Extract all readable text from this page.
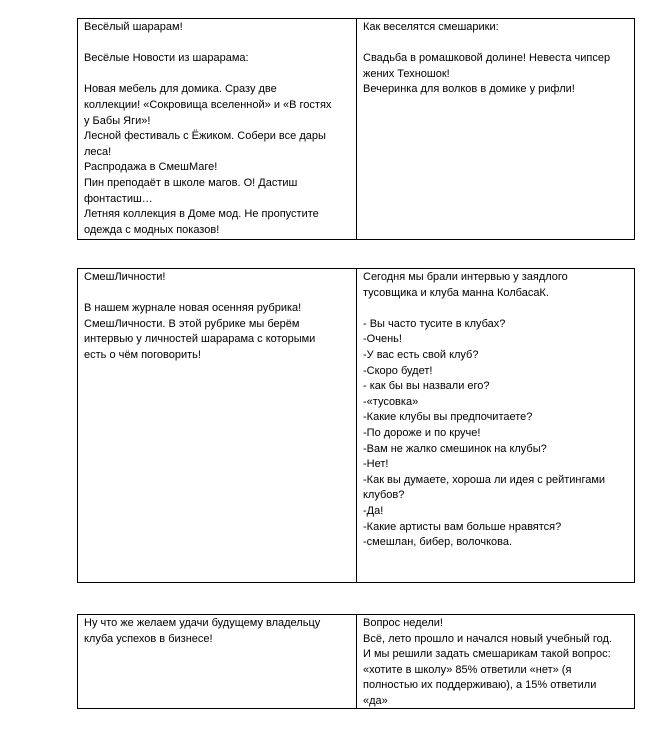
Весёлый шарарам!
Весёлые Новости из шарарама:
Новая мебель для домика. Сразу две
коллекции! «Сокровища вселенной» и «В гостях
у Бабы Яги»!
Лесной фестиваль с Ёжиком. Собери все дары
леса!
Распродажа в СмешМаге!
Пин преподаёт в школе магов. О! Дастиш
фонтастиш…
Летняя коллекция в Доме мод. Не пропустите
одежда с модных показов!
Как веселятся смешарики:
Свадьба в ромашковой долине! Невеста чипсер
жених Техношок!
Вечеринка для волков в домике у рифли!
СмешЛичности!
В нашем журнале новая осенняя рубрика!
СмешЛичности. В этой рубрике мы берём
интервью у личностей шарарама с которыми
есть о чём поговорить!
Сегодня мы брали интервью у заядлого
тусовщика и клуба манна КолбасаК.
- Вы часто тусите в клубах?
-Очень!
-У вас есть свой клуб?
-Скоро будет!
- как бы вы назвали его?
-«тусовка»
-Какие клубы вы предпочитаете?
-По дороже и по круче!
-Вам не жалко смешинок на клубы?
-Нет!
-Как вы думаете, хороша ли идея с рейтингами
клубов?
-Да!
-Какие артисты вам больше нравятся?
-смешлан, бибер, волочкова.
Ну что же желаем удачи будущему владельцу
клуба успехов в бизнесе!
Вопрос недели!
Всё, лето прошло и начался новый учебный год.
И мы решили задать смешарикам такой вопрос:
«хотите в школу» 85% ответили «нет» (я
полностью их поддерживаю), а 15% ответили
«да»
